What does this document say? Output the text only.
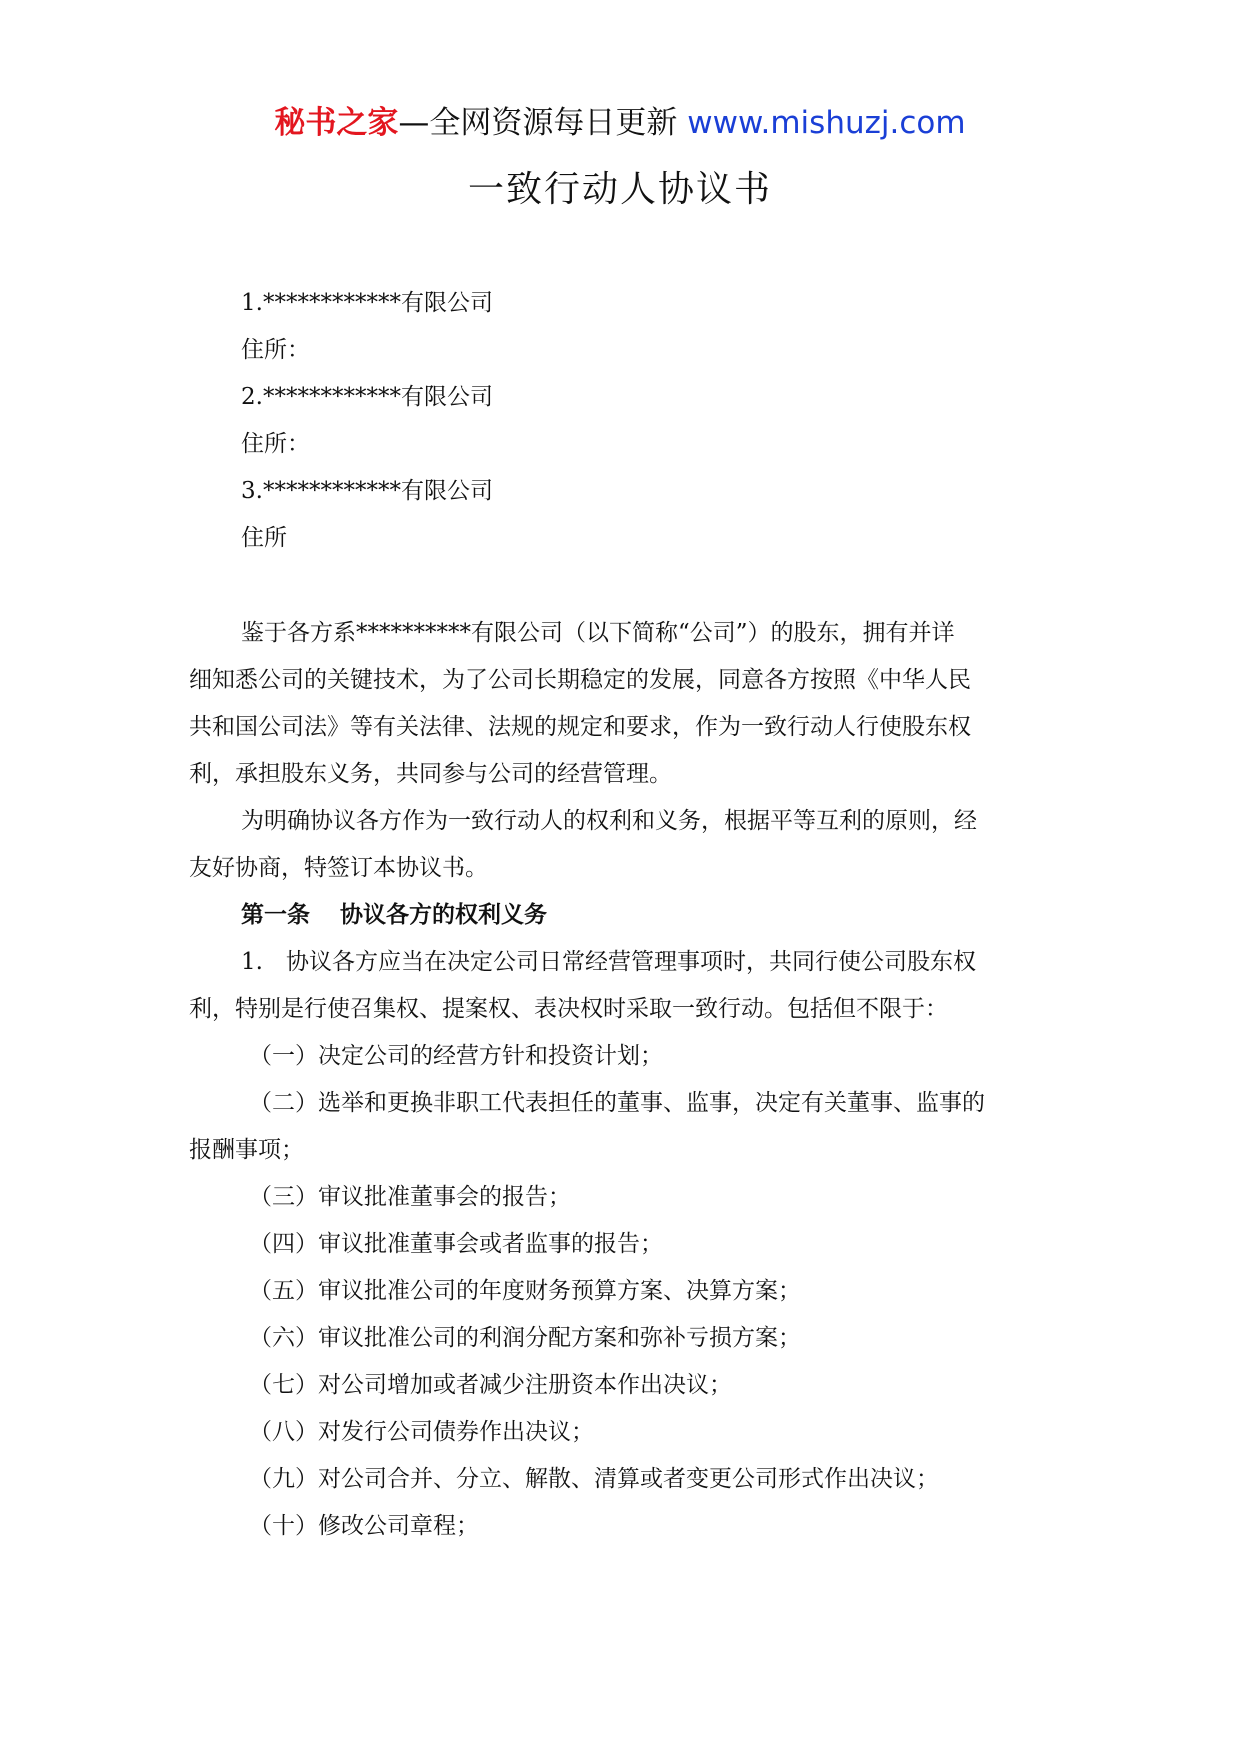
秘书之家—全网资源每日更新 www.mishuzj.com
一致行动人协议书
1.************有限公司
住所：
2.************有限公司
住所：
3.************有限公司
住所
鉴于各方系**********有限公司（以下简称“公司”）的股东，拥有并详
细知悉公司的关键技术，为了公司长期稳定的发展，同意各方按照《中华人民
共和国公司法》等有关法律、法规的规定和要求，作为一致行动人行使股东权
利，承担股东义务，共同参与公司的经营管理。
为明确协议各方作为一致行动人的权利和义务，根据平等互利的原则，经
友好协商，特签订本协议书。
第一条 协议各方的权利义务
1.　协议各方应当在决定公司日常经营管理事项时，共同行使公司股东权
利，特别是行使召集权、提案权、表决权时采取一致行动。包括但不限于：
（一）决定公司的经营方针和投资计划；
（二）选举和更换非职工代表担任的董事、监事，决定有关董事、监事的
报酬事项；
（三）审议批准董事会的报告；
（四）审议批准董事会或者监事的报告；
（五）审议批准公司的年度财务预算方案、决算方案；
（六）审议批准公司的利润分配方案和弥补亏损方案；
（七）对公司增加或者减少注册资本作出决议；
（八）对发行公司债券作出决议；
（九）对公司合并、分立、解散、清算或者变更公司形式作出决议；
（十）修改公司章程；
